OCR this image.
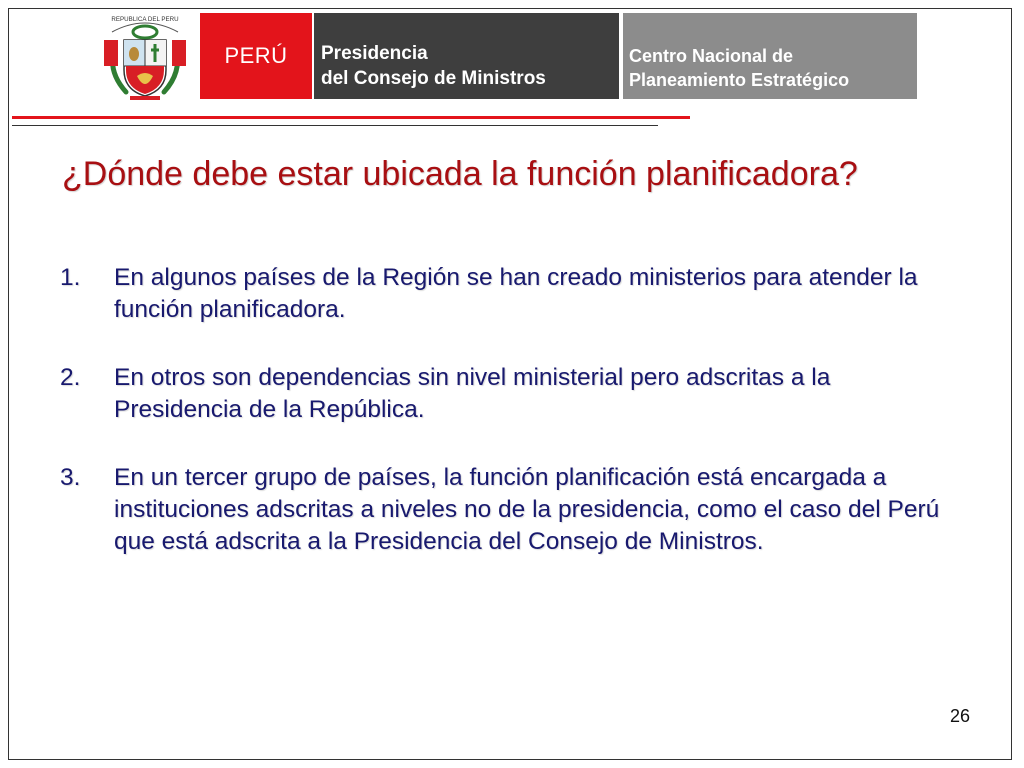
REPUBLICA DEL PERU
PERÚ Presidencia
del Consejo de Ministros
Centro Nacional de
Planeamiento Estratégico
¿Dónde debe estar ubicada la función planificadora?
1. En algunos países de la Región se han creado ministerios para atender la función planificadora.
2. En otros son dependencias sin nivel ministerial pero adscritas a la Presidencia de la República.
3. En un tercer grupo de países, la función planificación está encargada a instituciones adscritas a niveles no de la presidencia, como el caso del Perú que está adscrita a la Presidencia del Consejo de Ministros.
26
